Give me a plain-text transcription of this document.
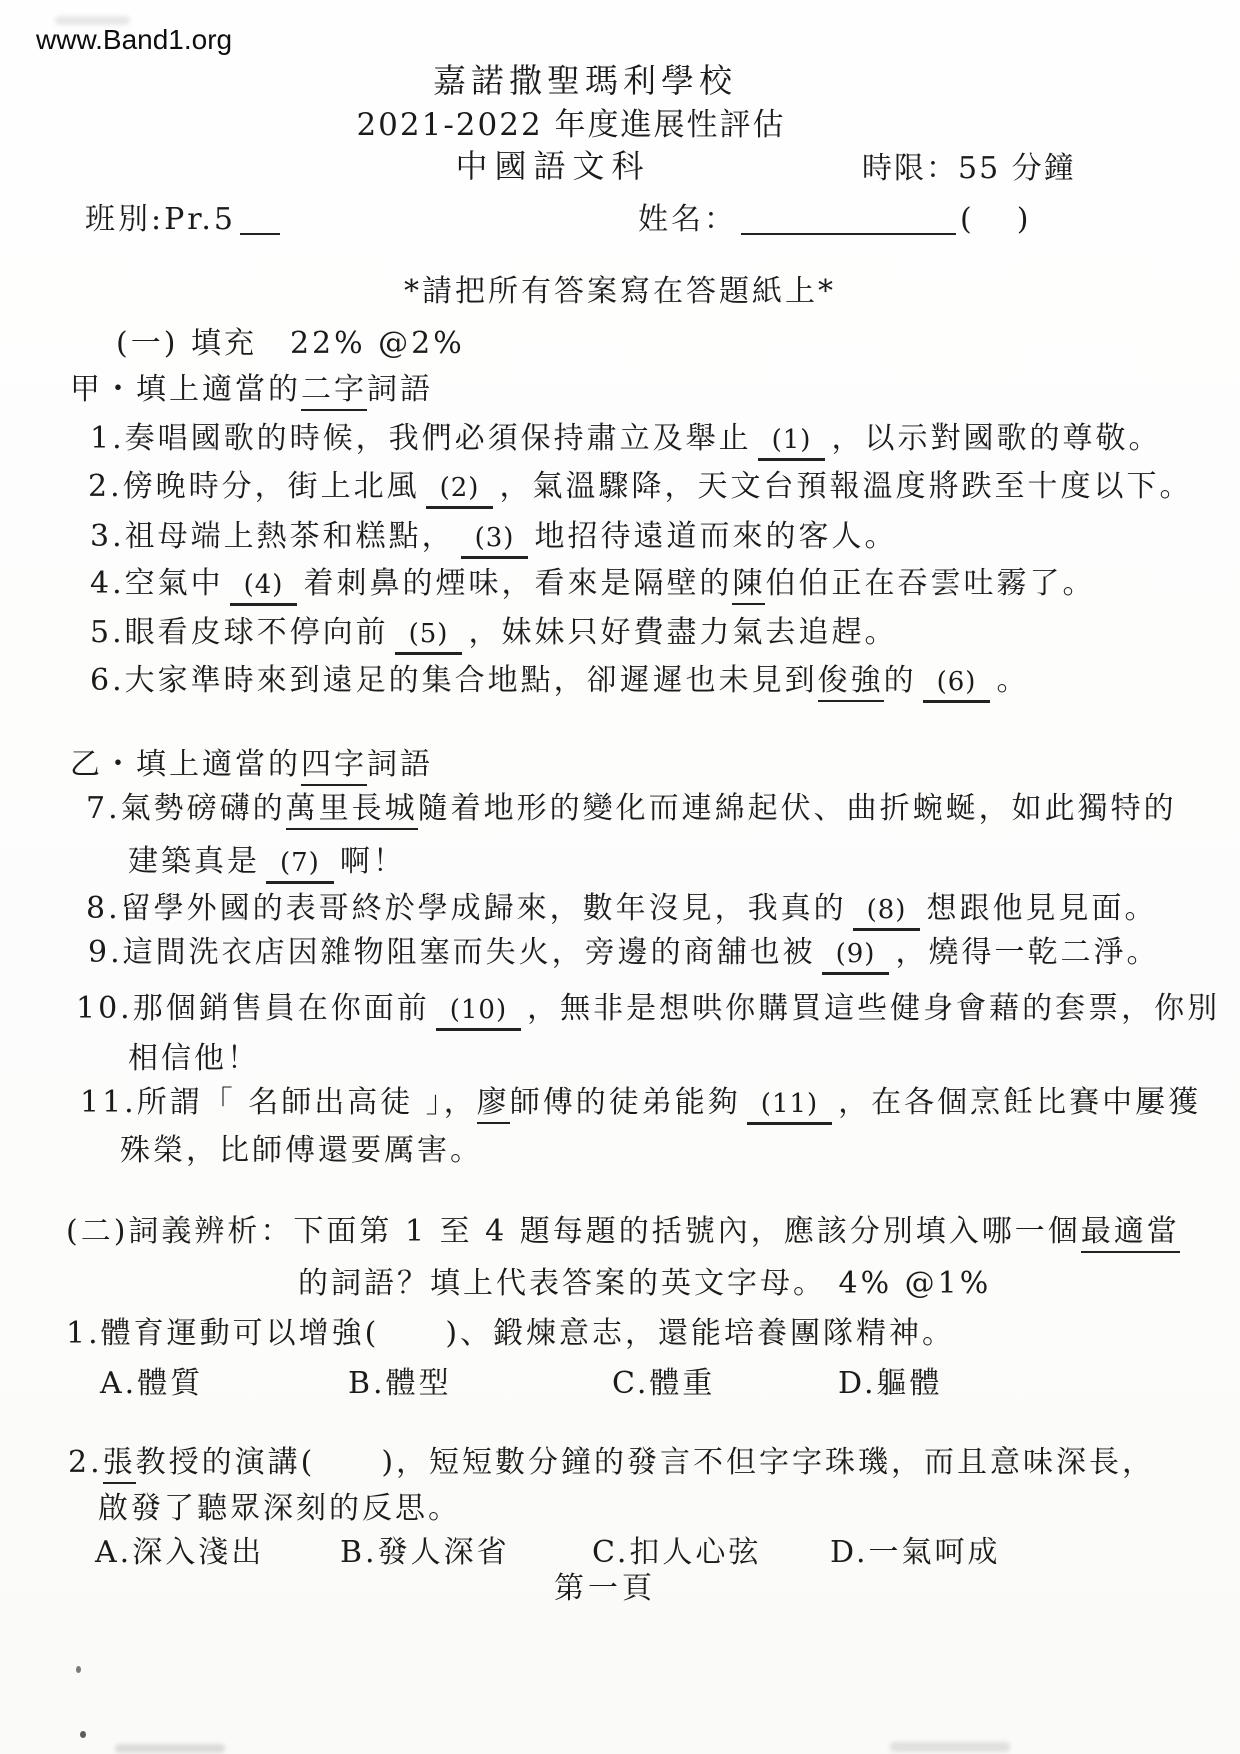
www.Band1.org
嘉諾撒聖瑪利學校
2021-2022 年度進展性評估
中國語文科	時限：55 分鐘
班別:Pr.5	姓名：	( )
*請把所有答案寫在答題紙上*
(一) 填充　22% @2%
甲・填上適當的二字詞語
1.奏唱國歌的時候，我們必須保持肅立及舉止 (1) ，以示對國歌的尊敬。
2.傍晚時分，街上北風 (2) ，氣溫驟降，天文台預報溫度將跌至十度以下。
3.祖母端上熱茶和糕點， (3) 地招待遠道而來的客人。
4.空氣中 (4) 着刺鼻的煙味，看來是隔壁的陳伯伯正在吞雲吐霧了。
5.眼看皮球不停向前 (5) ，妹妹只好費盡力氣去追趕。
6.大家準時來到遠足的集合地點，卻遲遲也未見到俊強的 (6) 。
乙・填上適當的四字詞語
7.氣勢磅礴的萬里長城隨着地形的變化而連綿起伏、曲折蜿蜒，如此獨特的
建築真是 (7) 啊！
8.留學外國的表哥終於學成歸來，數年沒見，我真的 (8) 想跟他見見面。
9.這間洗衣店因雜物阻塞而失火，旁邊的商舖也被 (9) ，燒得一乾二淨。
10.那個銷售員在你面前 (10) ，無非是想哄你購買這些健身會藉的套票，你別
相信他！
11.所謂「 名師出高徒 」，廖師傅的徒弟能夠 (11) ，在各個烹飪比賽中屢獲
殊榮，比師傅還要厲害。
(二)詞義辨析：下面第 1 至 4 題每題的括號內，應該分別填入哪一個最適當
的詞語？填上代表答案的英文字母。 4% @1%
1.體育運動可以增強(　　)、鍛煉意志，還能培養團隊精神。
A.體質	B.體型	C.體重	D.軀體
2.張教授的演講(　　)，短短數分鐘的發言不但字字珠璣，而且意味深長，
啟發了聽眾深刻的反思。
A.深入淺出	B.發人深省	C.扣人心弦 D.一氣呵成
第一頁
